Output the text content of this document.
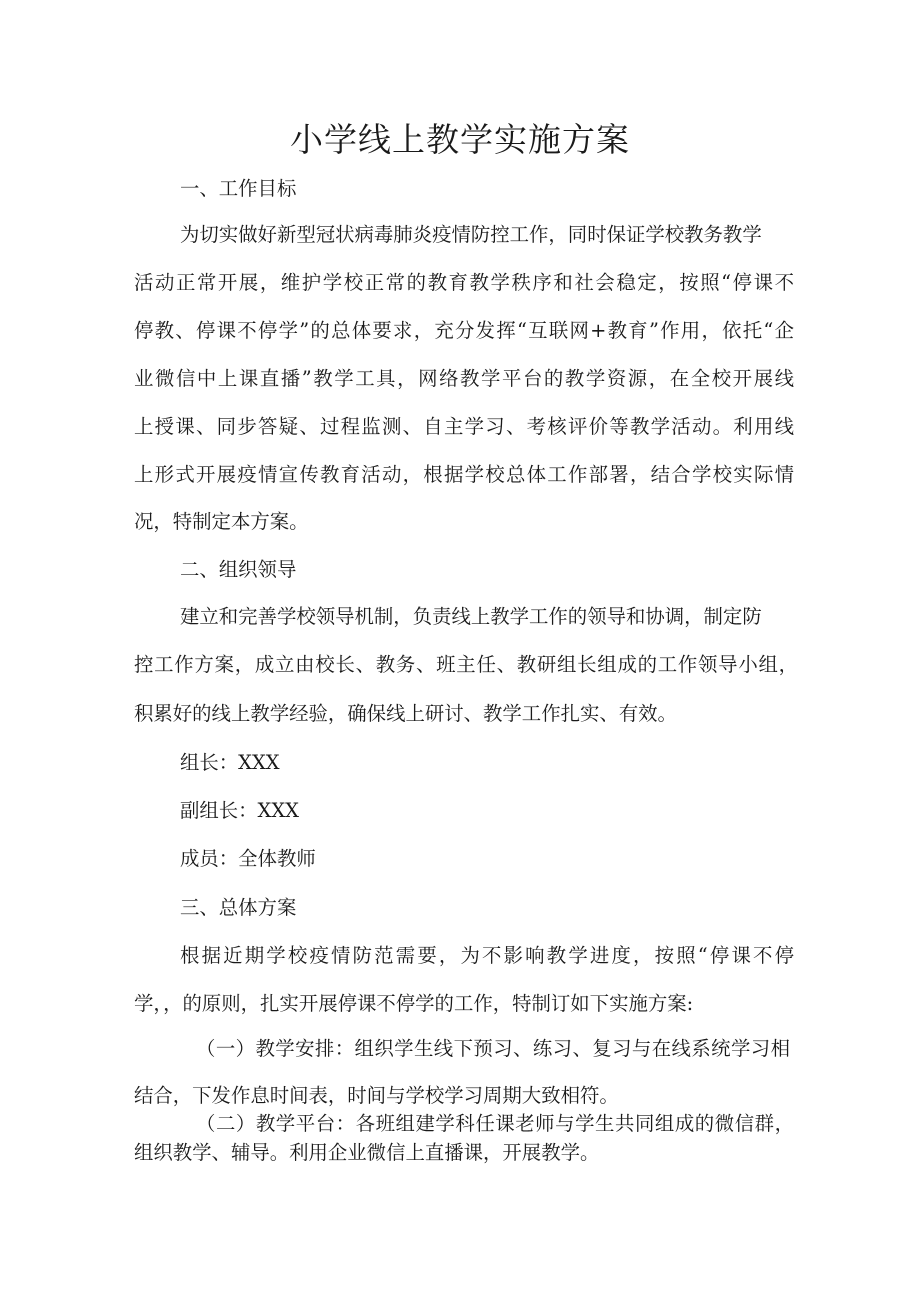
小学线上教学实施方案
一、工作目标
为切实做好新型冠状病毒肺炎疫情防控工作，同时保证学校教务教学
活动正常开展，维护学校正常的教育教学秩序和社会稳定，按照“停课不
停教、停课不停学”的总体要求，充分发挥“互联网+教育”作用，依托“企
业微信中上课直播”教学工具，网络教学平台的教学资源，在全校开展线
上授课、同步答疑、过程监测、自主学习、考核评价等教学活动。利用线
上形式开展疫情宣传教育活动，根据学校总体工作部署，结合学校实际情
况，特制定本方案。
二、组织领导
建立和完善学校领导机制，负责线上教学工作的领导和协调，制定防
控工作方案，成立由校长、教务、班主任、教研组长组成的工作领导小组，
积累好的线上教学经验，确保线上研讨、教学工作扎实、有效。
组长：XXX
副组长：XXX
成员：全体教师
三、总体方案
根据近期学校疫情防范需要，为不影响教学进度，按照“停课不停
学，，的原则，扎实开展停课不停学的工作，特制订如下实施方案:
（一）教学安排：组织学生线下预习、练习、复习与在线系统学习相
结合，下发作息时间表，时间与学校学习周期大致相符。
（二）教学平台：各班组建学科任课老师与学生共同组成的微信群，
组织教学、辅导。利用企业微信上直播课，开展教学。
